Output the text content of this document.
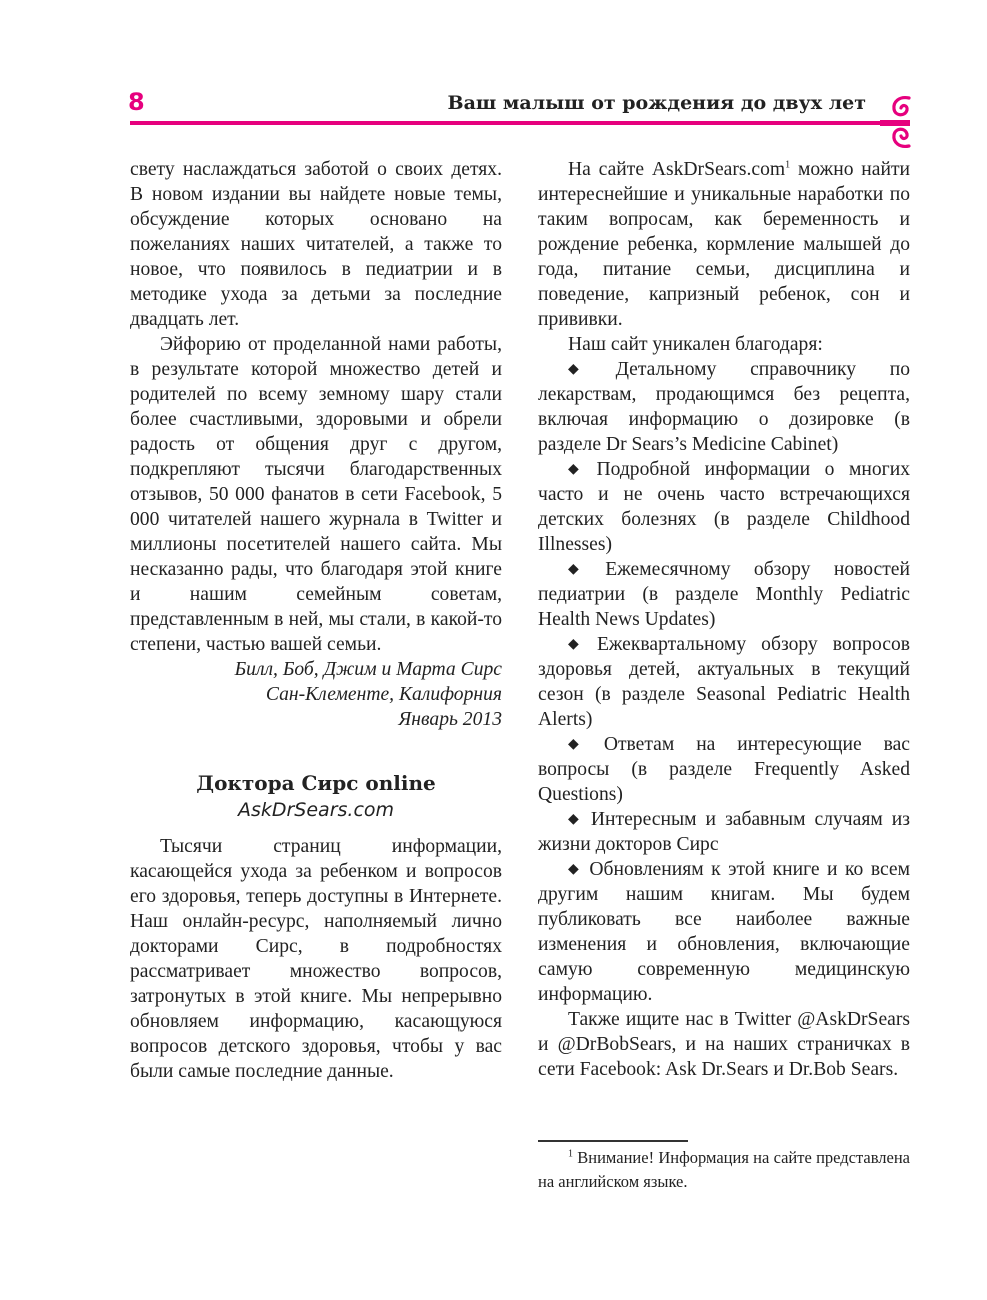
8	Ваш малыш от рождения до двух лет

свету наслаждаться заботой о своих детях. В новом издании вы найдете новые темы, обсуждение которых основано на пожеланиях наших читателей, а также то новое, что появилось в педиатрии и в методике ухода за детьми за последние двадцать лет.

Эйфорию от проделанной нами работы, в результате которой множество детей и родителей по всему земному шару стали более счастливыми, здоровыми и обрели радость от общения друг с другом, подкрепляют тысячи благодарственных отзывов, 50 000 фанатов в сети Facebook, 5 000 читателей нашего журнала в Twitter и миллионы посетителей нашего сайта. Мы несказанно рады, что благодаря этой книге и нашим семейным советам, представленным в ней, мы стали, в какой-то степени, частью вашей семьи.

Билл, Боб, Джим и Марта Сирс
Сан-Клементе, Калифорния
Январь 2013
Доктора Сирс online
AskDrSears.com

Тысячи страниц информации, касающейся ухода за ребенком и вопросов его здоровья, теперь доступны в Интернете. Наш онлайн-ресурс, наполняемый лично докторами Сирс, в подробностях рассматривает множество вопросов, затронутых в этой книге. Мы непрерывно обновляем информацию, касающуюся вопросов детского здоровья, чтобы у вас были самые последние данные.

На сайте AskDrSears.com$^1$ можно найти интереснейшие и уникальные наработки по таким вопросам, как беременность и рождение ребенка, кормление малышей до года, питание семьи, дисциплина и поведение, капризный ребенок, сон и прививки.

Наш сайт уникален благодаря:

◆ Детальному справочнику по лекарствам, продающимся без рецепта, включая информацию о дозировке (в разделе Dr Sears’s Medicine Cabinet)

◆ Подробной информации о многих часто и не очень часто встречающихся детских болезнях (в разделе Childhood Illnesses)

◆ Ежемесячному обзору новостей педиатрии (в разделе Monthly Pediatric Health News Updates)

◆ Ежеквартальному обзору вопросов здоровья детей, актуальных в текущий сезон (в разделе Seasonal Pediatric Health Alerts)

◆ Ответам на интересующие вас вопросы (в разделе Frequently Asked Questions)

◆ Интересным и забавным случаям из жизни докторов Сирс

◆ Обновлениям к этой книге и ко всем другим нашим книгам. Мы будем публиковать все наиболее важные изменения и обновления, включающие самую современную медицинскую информацию.

Также ищите нас в Twitter @AskDrSears и @DrBobSears, и на наших страничках в сети Facebook: Ask Dr.Sears и Dr.Bob Sears.

$^1$ Внимание! Информация на сайте представлена на английском языке.
